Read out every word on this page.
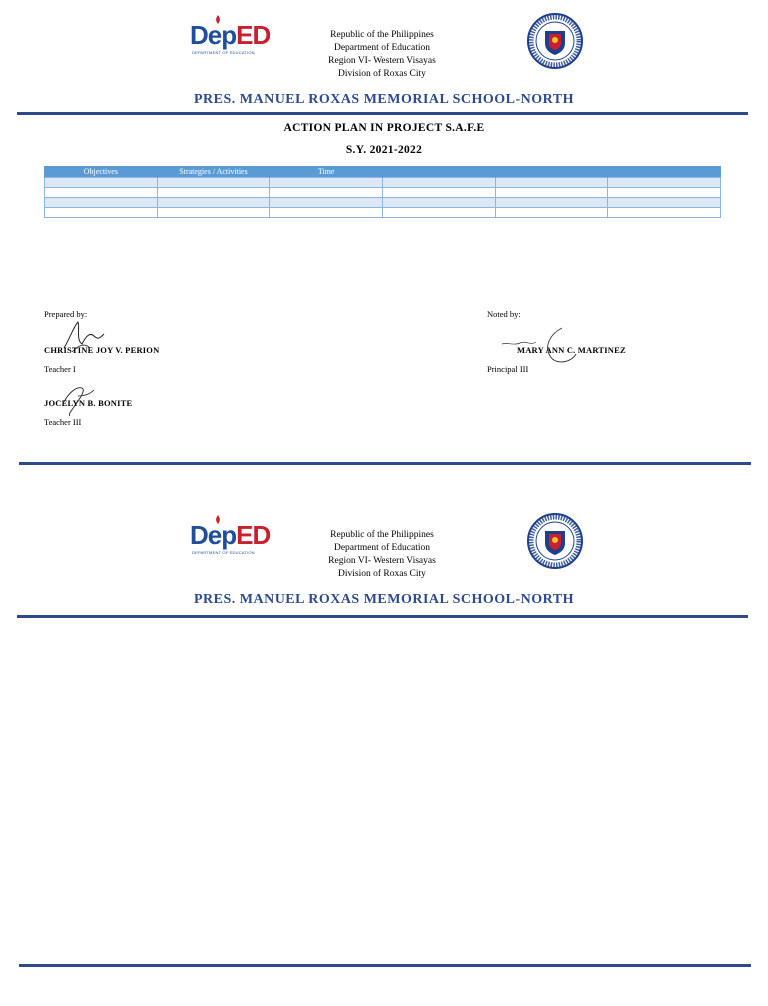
DepED
DEPARTMENT OF EDUCATION
Republic of the Philippines
Department of Education
Region VI- Western Visayas
Division of Roxas City
PRES. MANUEL ROXAS MEMORIAL SCHOOL-NORTH
ACTION PLAN IN PROJECT S.A.F.E
S.Y. 2021-2022
Objectives	Strategies / Activities	Time			

Prepared by:
CHRISTINE JOY V. PERION
Teacher I
JOCELYN B. BONITE
Teacher III
Noted by:
MARY ANN C. MARTINEZ
Principal III
DepED
DEPARTMENT OF EDUCATION
Republic of the Philippines
Department of Education
Region VI- Western Visayas
Division of Roxas City
PRES. MANUEL ROXAS MEMORIAL SCHOOL-NORTH
